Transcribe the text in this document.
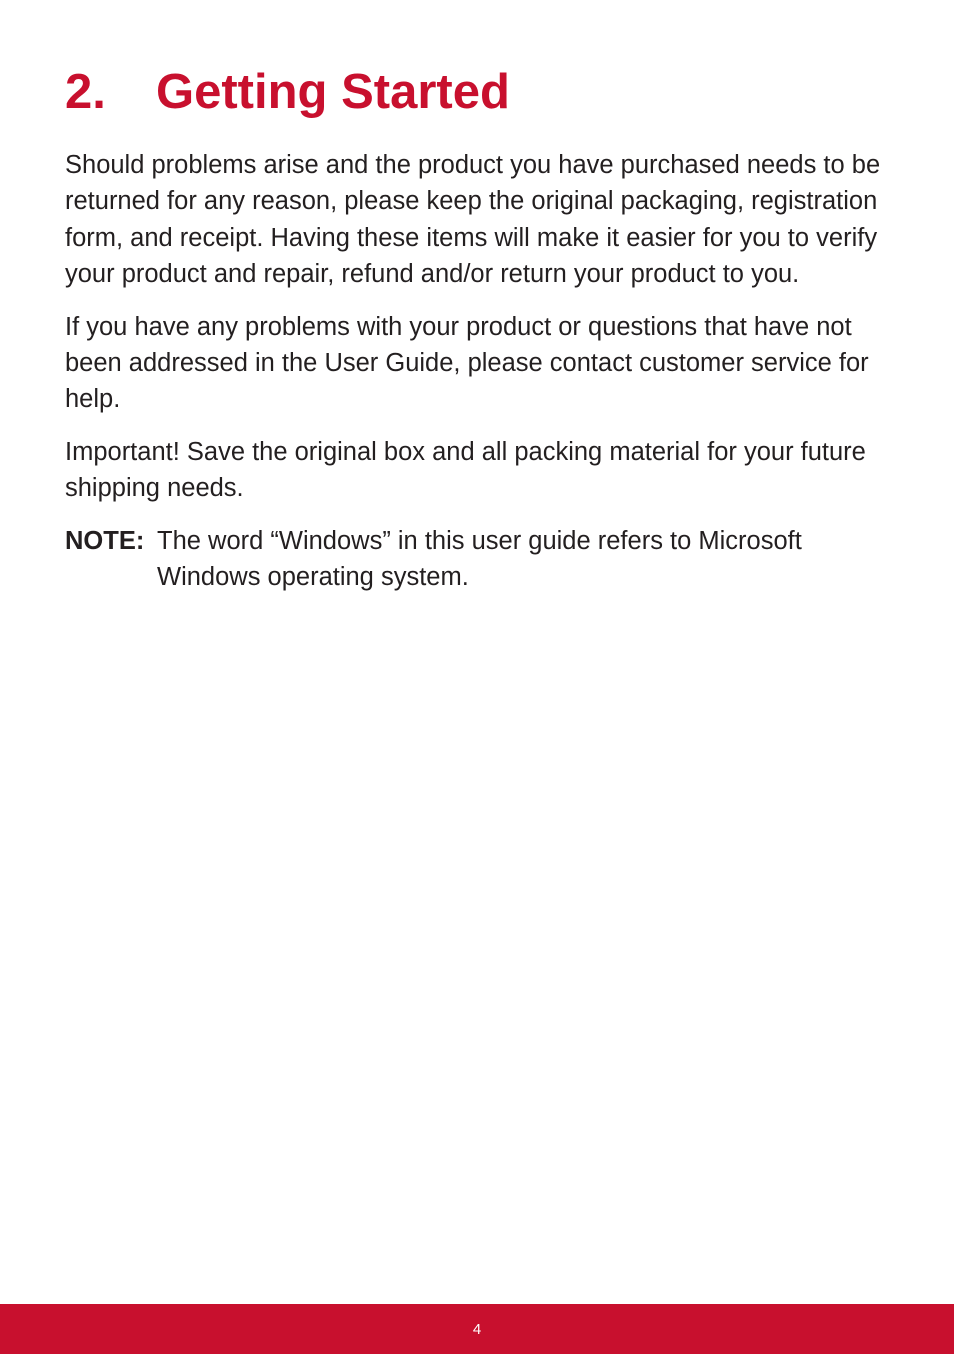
2.	Getting Started

Should problems arise and the product you have purchased needs to be returned for any reason, please keep the original packaging, registration form, and receipt. Having these items will make it easier for you to verify your product and repair, refund and/or return your product to you.

If you have any problems with your product or questions that have not been addressed in the User Guide, please contact customer service for help.

Important! Save the original box and all packing material for your future shipping needs.

NOTE: The word “Windows” in this user guide refers to Microsoft Windows operating system.
4
